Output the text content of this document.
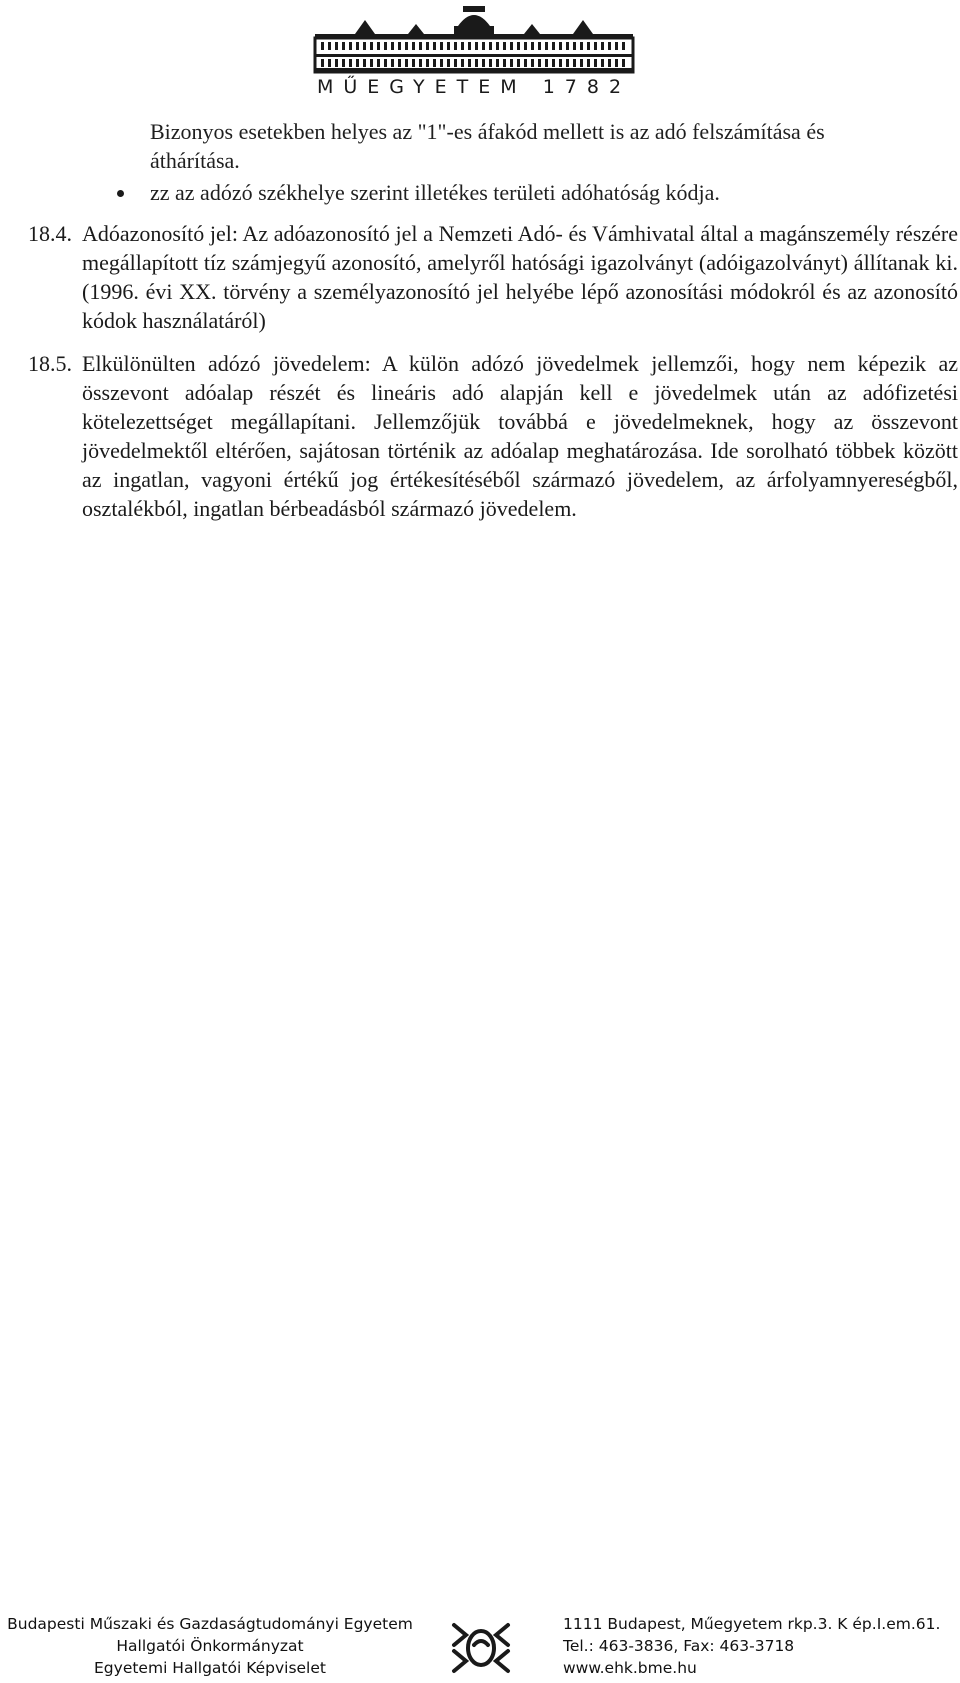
MŰEGYETEM 1782
Bizonyos esetekben helyes az "1"-es áfakód mellett is az adó felszámítása és áthárítása.
zz az adózó székhelye szerint illetékes területi adóhatóság kódja.
18.4. Adóazonosító jel: Az adóazonosító jel a Nemzeti Adó- és Vámhivatal által a magánszemély részére megállapított tíz számjegyű azonosító, amelyről hatósági igazolványt (adóigazolványt) állítanak ki. (1996. évi XX. törvény a személyazonosító jel helyébe lépő azonosítási módokról és az azonosító kódok használatáról)
18.5. Elkülönülten adózó jövedelem: A külön adózó jövedelmek jellemzői, hogy nem képezik az összevont adóalap részét és lineáris adó alapján kell e jövedelmek után az adófizetési kötelezettséget megállapítani. Jellemzőjük továbbá e jövedelmeknek, hogy az összevont jövedelmektől eltérően, sajátosan történik az adóalap meghatározása. Ide sorolható többek között az ingatlan, vagyoni értékű jog értékesítéséből származó jövedelem, az árfolyamnyereségből, osztalékból, ingatlan bérbeadásból származó jövedelem.
Budapesti Műszaki és Gazdaságtudományi Egyetem
Hallgatói Önkormányzat
Egyetemi Hallgatói Képviselet
1111 Budapest, Műegyetem rkp.3. K ép.I.em.61.
Tel.: 463-3836, Fax: 463-3718
www.ehk.bme.hu
